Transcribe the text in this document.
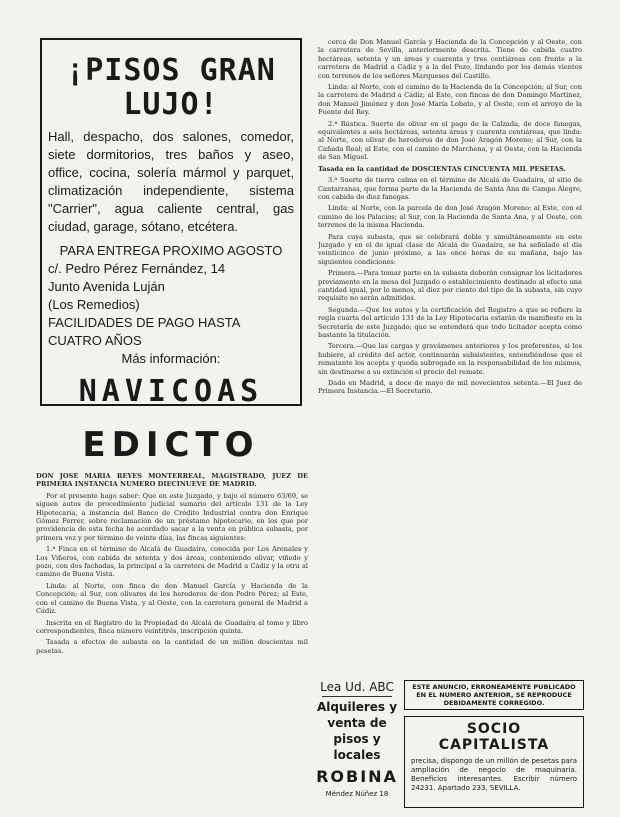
¡PISOS GRAN LUJO!

Hall, despacho, dos salones, comedor, siete dormitorios, tres baños y aseo, office, cocina, solería mármol y parquet, climatización independiente, sistema "Carrier", agua caliente central, gas ciudad, garage, sótano, etcétera.

PARA ENTREGA PROXIMO AGOSTO

c/. Pedro Pérez Fernández, 14

Junto Avenida Luján

(Los Remedios)

FACILIDADES DE PAGO HASTA CUATRO AÑOS

Más información:

NAVICOAS

EDICTO

DON JOSE MARIA REYES MONTERREAL, MAGISTRADO, JUEZ DE PRIMERA INSTANCIA NUMERO DIECINUEVE DE MADRID.

Por el presente hago saber: Que en este Juzgado, y bajo el número 63/69, se siguen autos de procedimiento judicial sumario del artículo 131 de la Ley Hipotecaria, a instancia del Banco de Crédito Industrial contra don Enrique Gómez Ferrer, sobre reclamación de un préstamo hipotecario, en los que por providencia de esta fecha he acordado sacar a la venta en pública subasta, por primera vez y por término de veinte días, las fincas siguientes:

1.ª Finca en el término de Alcalá de Guadaíra, conocida por Los Arenales y Los Viñeros, con cabida de setenta y dos áreas, conteniendo olivar, viñedo y pozo, con dos fachadas, la principal a la carretera de Madrid a Cádiz y la otra al camino de Buena Vista.

Linda: al Norte, con finca de don Manuel García y Hacienda de la Concepción; al Sur, con olivares de los herederos de don Pedro Pérez; al Este, con el camino de Buena Vista, y al Oeste, con la carretera general de Madrid a Cádiz.

Inscrita en el Registro de la Propiedad de Alcalá de Guadaíra al tomo y libro correspondientes, finca número veintitrés, inscripción quinta.

Tasada a efectos de subasta en la cantidad de un millón doscientas mil pesetas.

cerca de Don Manuel García y Hacienda de la Concepción y al Oeste, con la carretera de Sevilla, anteriormente descrita. Tiene de cabida cuatro hectáreas, setenta y un áreas y cuarenta y tres centiáreas con frente a la carretera de Madrid a Cádiz y a la del Pozo, lindando por los demás vientos con terrenos de los señores Marqueses del Castillo.

Linda: al Norte, con el camino de la Hacienda de la Concepción; al Sur, con la carretera de Madrid a Cádiz; al Este, con fincas de don Domingo Martínez, don Manuel Jiménez y don José María Lobato, y al Oeste, con el arroyo de la Fuente del Rey.

2.ª Rústica. Suerte de olivar en el pago de la Calzada, de doce fanegas, equivalentes a seis hectáreas, setenta áreas y cuarenta centiáreas, que linda: al Norte, con olivar de herederos de don José Aragón Moreno; al Sur, con la Cañada Real; al Este, con el camino de Marchena, y al Oeste, con la Hacienda de San Miguel.

Tasada en la cantidad de DOSCIENTAS CINCUENTA MIL PESETAS.

3.ª Suerte de tierra calma en el término de Alcalá de Guadaíra, al sitio de Cantarranas, que forma parte de la Hacienda de Santa Ana de Campo Alegre, con cabida de diez fanegas.

Linda: al Norte, con la parcela de don José Aragón Moreno; al Este, con el camino de los Palacios; al Sur, con la Hacienda de Santa Ana, y al Oeste, con terrenos de la misma Hacienda.

Para cuya subasta, que se celebrará doble y simultáneamente en este Juzgado y en el de igual clase de Alcalá de Guadaíra, se ha señalado el día veinticinco de junio próximo, a las once horas de su mañana, bajo las siguientes condiciones:

Primera.—Para tomar parte en la subasta deberán consignar los licitadores previamente en la mesa del Juzgado o establecimiento destinado al efecto una cantidad igual, por lo menos, al diez por ciento del tipo de la subasta, sin cuyo requisito no serán admitidos.

Segunda.—Que los autos y la certificación del Registro a que se refiere la regla cuarta del artículo 131 de la Ley Hipotecaria estarán de manifiesto en la Secretaría de este Juzgado; que se entenderá que todo licitador acepta como bastante la titulación.

Tercera.—Que las cargas y gravámenes anteriores y los preferentes, si los hubiere, al crédito del actor, continuarán subsistentes, entendiéndose que el rematante los acepta y queda subrogado en la responsabilidad de los mismos, sin destinarse a su extinción el precio del remate.

Dado en Madrid, a doce de mayo de mil novecientos setenta.—El Juez de Primera Instancia.—El Secretario.

Lea Ud. ABC
Alquileres y venta de pisos y locales
ROBINA
Méndez Núñez 18
ESTE ANUNCIO, ERRONEAMENTE PUBLICADO EN EL NUMERO ANTERIOR, SE REPRODUCE DEBIDAMENTE CORREGIDO.
SOCIO CAPITALISTA
precisa, dispongo de un millón de pesetas para ampliación de negocio de maquinaria. Beneficios interesantes. Escribir número 24231. Apartado 233, SEVILLA.
